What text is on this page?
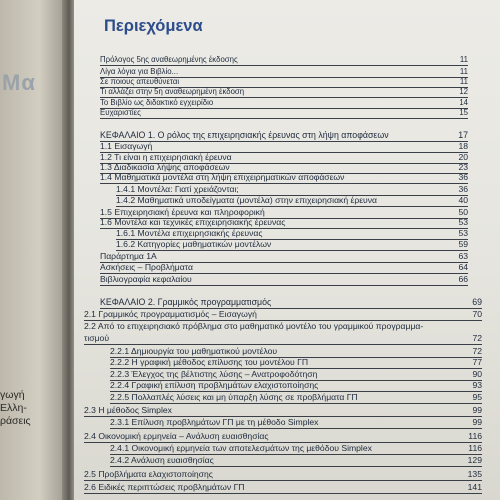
Μα
γωγή
Ελλη-
ράσεις
Περιεχόμενα
Πρόλογος 5ης αναθεωρημένης έκδοσης	11
Λίγα λόγια για Βιβλίο...	11
Σε ποιους απευθύνεται	11
Τι αλλάζει στην 5η αναθεωρημένη έκδοση	12
Το Βιβλίο ως διδακτικό εγχειρίδιο	14
Ευχαριστίες	15
ΚΕΦΑΛΑΙΟ 1. Ο ρόλος της επιχειρησιακής έρευνας στη λήψη αποφάσεων	17
1.1 Εισαγωγή	18
1.2 Τι είναι η επιχειρησιακή έρευνα	20
1.3 Διαδικασία λήψης αποφάσεων	23
1.4 Μαθηματικά μοντέλα στη λήψη επιχειρηματικών αποφάσεων	36
1.4.1 Μοντέλα: Γιατί χρειάζονται;	36
1.4.2 Μαθηματικά υποδείγματα (μοντέλα) στην επιχειρησιακή έρευνα	40
1.5 Επιχειρησιακή έρευνα και πληροφορική	50
1.6 Μοντέλα και τεχνικές επιχειρησιακής έρευνας	53
1.6.1 Μοντέλα επιχειρησιακής έρευνας	53
1.6.2 Κατηγορίες μαθηματικών μοντέλων	59
Παράρτημα 1Α	63
Ασκήσεις – Προβλήματα	64
Βιβλιογραφία κεφαλαίου	66
ΚΕΦΑΛΑΙΟ 2. Γραμμικός προγραμματισμός	69
2.1 Γραμμικός προγραμματισμός – Εισαγωγή	70
2.2 Από το επιχειρησιακό πρόβλημα στο μαθηματικό μοντέλο του γραμμικού προγραμμα-
τισμού	72
2.2.1 Δημιουργία του μαθηματικού μοντέλου	72
2.2.2 Η γραφική μέθοδος επίλυσης του μοντέλου ΓΠ	77
2.2.3 Έλεγχος της βέλτιστης λύσης – Ανατροφοδότηση	90
2.2.4 Γραφική επίλυση προβλημάτων ελαχιστοποίησης	93
2.2.5 Πολλαπλές λύσεις και μη ύπαρξη λύσης σε προβλήματα ΓΠ	95
2.3 Η μέθοδος Simplex	99
2.3.1 Επίλυση προβλημάτων ΓΠ με τη μέθοδο Simplex	99
2.4 Οικονομική ερμηνεία – Ανάλυση ευαισθησίας	116
2.4.1 Οικονομική ερμηνεία των αποτελεσμάτων της μεθόδου Simplex	116
2.4.2 Ανάλυση ευαισθησίας	129
2.5 Προβλήματα ελαχιστοποίησης	135
2.6 Ειδικές περιπτώσεις προβλημάτων ΓΠ	141
